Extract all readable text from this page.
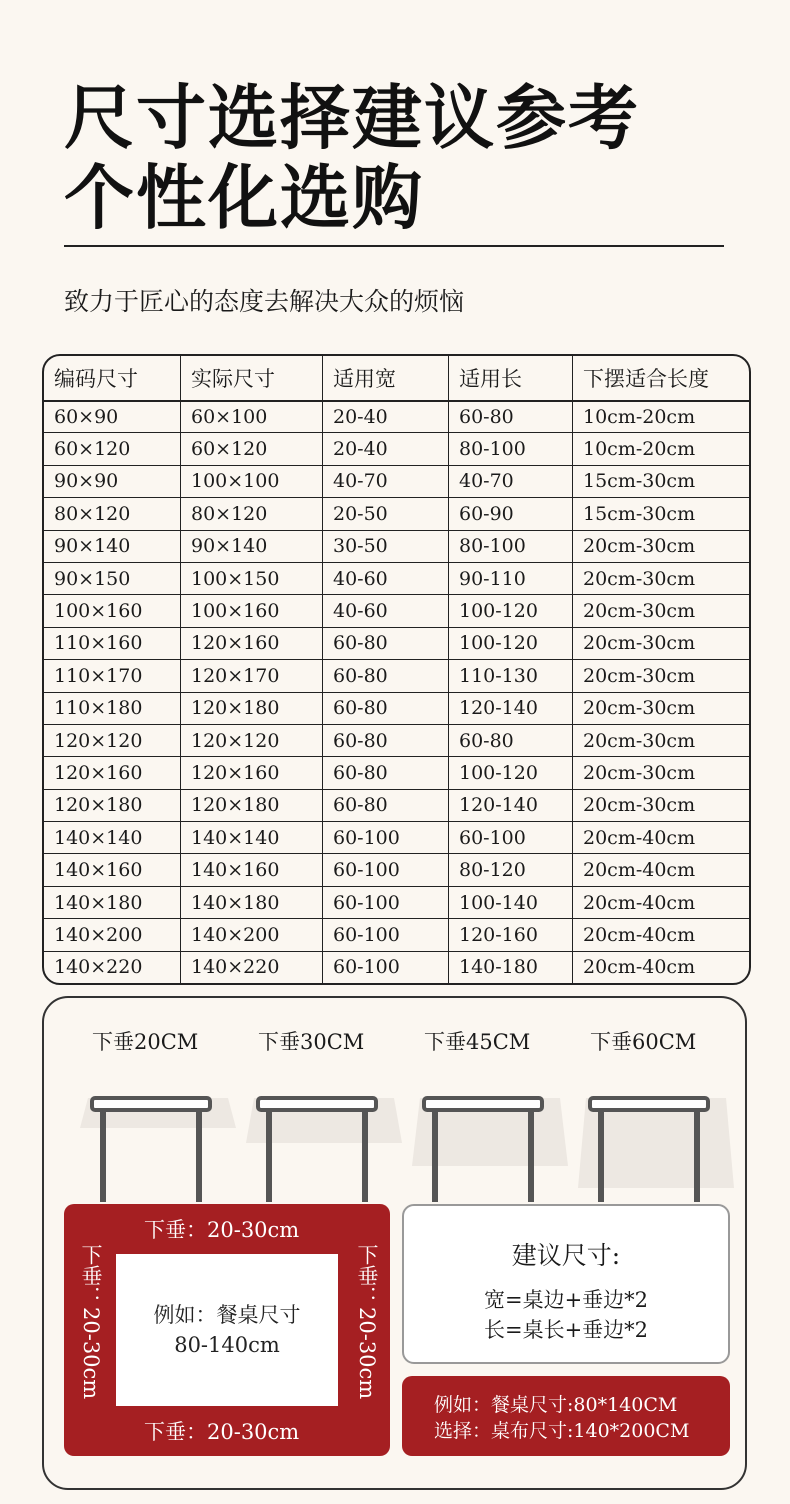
尺寸选择建议参考
个性化选购
致力于匠心的态度去解决大众的烦恼
编码尺寸	实际尺寸	适用宽	适用长	下摆适合长度
60×90	60×100	20-40	60-80	10cm-20cm
60×120	60×120	20-40	80-100	10cm-20cm
90×90	100×100	40-70	40-70	15cm-30cm
80×120	80×120	20-50	60-90	15cm-30cm
90×140	90×140	30-50	80-100	20cm-30cm
90×150	100×150	40-60	90-110	20cm-30cm
100×160	100×160	40-60	100-120	20cm-30cm
110×160	120×160	60-80	100-120	20cm-30cm
110×170	120×170	60-80	110-130	20cm-30cm
110×180	120×180	60-80	120-140	20cm-30cm
120×120	120×120	60-80	60-80	20cm-30cm
120×160	120×160	60-80	100-120	20cm-30cm
120×180	120×180	60-80	120-140	20cm-30cm
140×140	140×140	60-100	60-100	20cm-40cm
140×160	140×160	60-100	80-120	20cm-40cm
140×180	140×180	60-100	100-140	20cm-40cm
140×200	140×200	60-100	120-160	20cm-40cm
140×220	140×220	60-100	140-180	20cm-40cm
下垂20CM	下垂30CM	下垂45CM	下垂60CM
下垂：20-30cm
下垂：20-30cm
下垂：20-30cm	下垂：20-30cm
例如：餐桌尺寸
80-140cm
建议尺寸:
宽=桌边+垂边*2
长=桌长+垂边*2
例如：餐桌尺寸:80*140CM
选择：桌布尺寸:140*200CM
